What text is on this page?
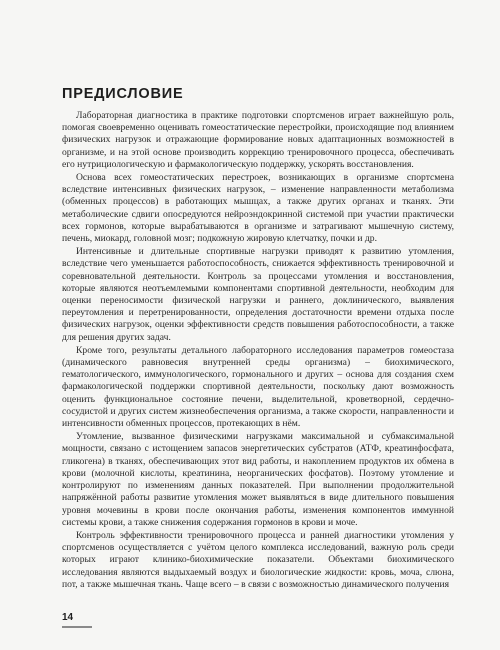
ПРЕДИСЛОВИЕ

Лабораторная диагностика в практике подготовки спортсменов играет важнейшую роль, помогая своевременно оценивать гомеостатические перестройки, происходящие под влиянием физических нагрузок и отражающие формирование новых адаптационных возможностей в организме, и на этой основе производить коррекцию тренировочного процесса, обеспечивать его нутрициологическую и фармакологическую поддержку, ускорять восстановления.

Основа всех гомеостатических перестроек, возникающих в организме спортсмена вследствие интенсивных физических нагрузок, – изменение направленности метаболизма (обменных процессов) в работающих мышцах, а также других органах и тканях. Эти метаболические сдвиги опосредуются нейроэндокринной системой при участии практически всех гормонов, которые вырабатываются в организме и затрагивают мышечную систему, печень, миокард, головной мозг; подкожную жировую клетчатку, почки и др.

Интенсивные и длительные спортивные нагрузки приводят к развитию утомления, вследствие чего уменьшается работоспособность, снижается эффективность тренировочной и соревновательной деятельности. Контроль за процессами утомления и восстановления, которые являются неотъемлемыми компонентами спортивной деятельности, необходим для оценки переносимости физической нагрузки и раннего, доклинического, выявления переутомления и перетренированности, определения достаточности времени отдыха после физических нагрузок, оценки эффективности средств повышения работоспособности, а также для решения других задач.

Кроме того, результаты детального лабораторного исследования параметров гомеостаза (динамического равновесия внутренней среды организма) – биохимического, гематологического, иммунологического, гормонального и других – основа для создания схем фармакологической поддержки спортивной деятельности, поскольку дают возможность оценить функциональное состояние печени, выделительной, кроветворной, сердечно-сосудистой и других систем жизнеобеспечения организма, а также скорости, направленности и интенсивности обменных процессов, протекающих в нём.

Утомление, вызванное физическими нагрузками максимальной и субмаксимальной мощности, связано с истощением запасов энергетических субстратов (АТФ, креатинфосфата, гликогена) в тканях, обеспечивающих этот вид работы, и накоплением продуктов их обмена в крови (молочной кислоты, креатинина, неорганических фосфатов). Поэтому утомление и контролируют по изменениям данных показателей. При выполнении продолжительной напряжённой работы развитие утомления может выявляться в виде длительного повышения уровня мочевины в крови после окончания работы, изменения компонентов иммунной системы крови, а также снижения содержания гормонов в крови и моче.

Контроль эффективности тренировочного процесса и ранней диагностики утомления у спортсменов осуществляется с учётом целого комплекса исследований, важную роль среди которых играют клинико-биохимические показатели. Объектами биохимического исследования являются выдыхаемый воздух и биологические жидкости: кровь, моча, слюна, пот, а также мышечная ткань. Чаще всего – в связи с возможностью динамического получения

14
